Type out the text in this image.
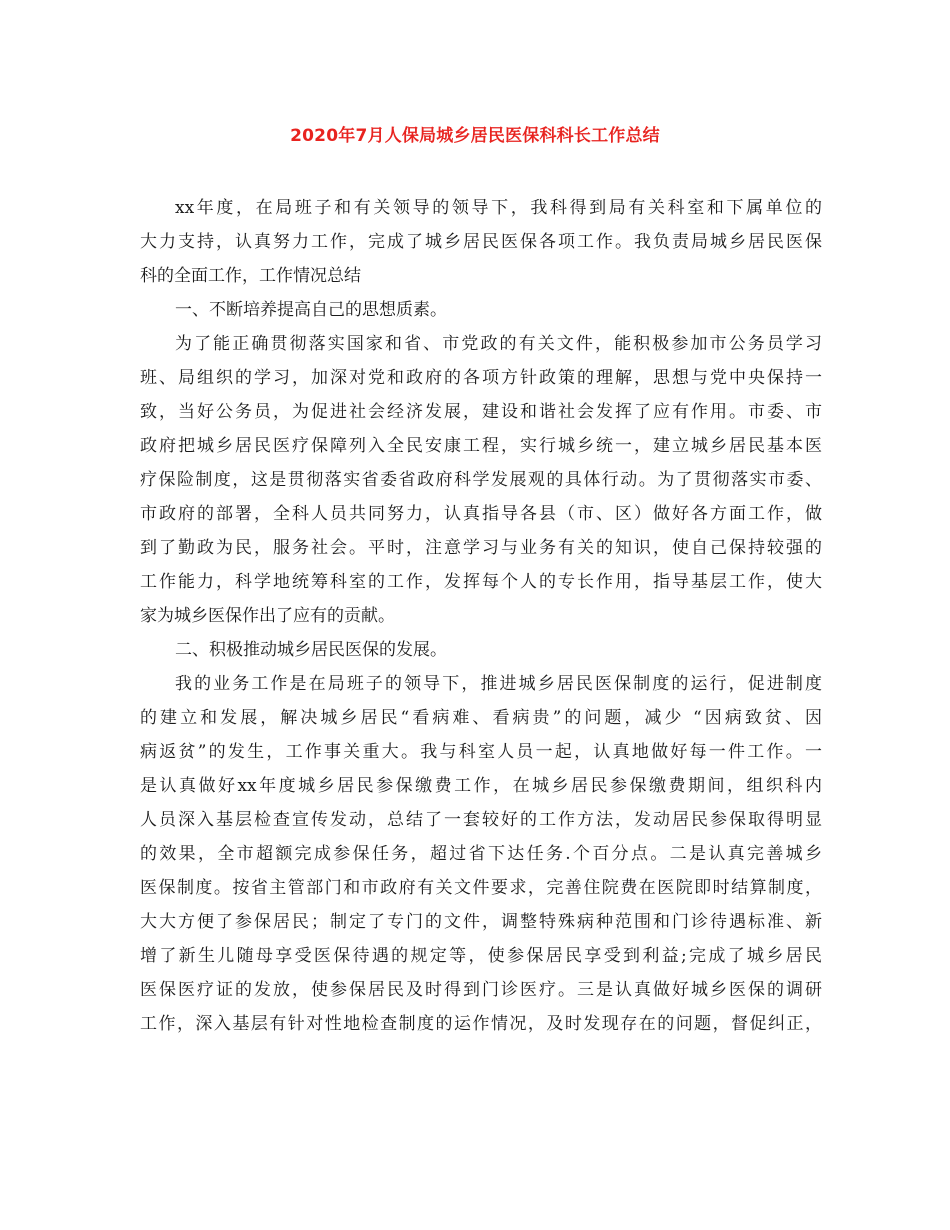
2020年7月人保局城乡居民医保科科长工作总结
xx年度，在局班子和有关领导的领导下，我科得到局有关科室和下属单位的
大力支持，认真努力工作，完成了城乡居民医保各项工作。我负责局城乡居民医保
科的全面工作，工作情况总结
一、不断培养提高自己的思想质素。
为了能正确贯彻落实国家和省、市党政的有关文件，能积极参加市公务员学习
班、局组织的学习，加深对党和政府的各项方针政策的理解，思想与党中央保持一
致，当好公务员，为促进社会经济发展，建设和谐社会发挥了应有作用。市委、市
政府把城乡居民医疗保障列入全民安康工程，实行城乡统一，建立城乡居民基本医
疗保险制度，这是贯彻落实省委省政府科学发展观的具体行动。为了贯彻落实市委、
市政府的部署，全科人员共同努力，认真指导各县（市、区）做好各方面工作，做
到了勤政为民，服务社会。平时，注意学习与业务有关的知识，使自己保持较强的
工作能力，科学地统筹科室的工作，发挥每个人的专长作用，指导基层工作，使大
家为城乡医保作出了应有的贡献。
二、积极推动城乡居民医保的发展。
我的业务工作是在局班子的领导下，推进城乡居民医保制度的运行，促进制度
的建立和发展，解决城乡居民“看病难、看病贵”的问题，减少 “因病致贫、因
病返贫”的发生，工作事关重大。我与科室人员一起，认真地做好每一件工作。一
是认真做好xx年度城乡居民参保缴费工作，在城乡居民参保缴费期间，组织科内
人员深入基层检查宣传发动，总结了一套较好的工作方法，发动居民参保取得明显
的效果，全市超额完成参保任务，超过省下达任务.个百分点。二是认真完善城乡
医保制度。按省主管部门和市政府有关文件要求，完善住院费在医院即时结算制度，
大大方便了参保居民；制定了专门的文件，调整特殊病种范围和门诊待遇标准、新
增了新生儿随母享受医保待遇的规定等，使参保居民享受到利益;完成了城乡居民
医保医疗证的发放，使参保居民及时得到门诊医疗。三是认真做好城乡医保的调研
工作，深入基层有针对性地检查制度的运作情况，及时发现存在的问题，督促纠正，
